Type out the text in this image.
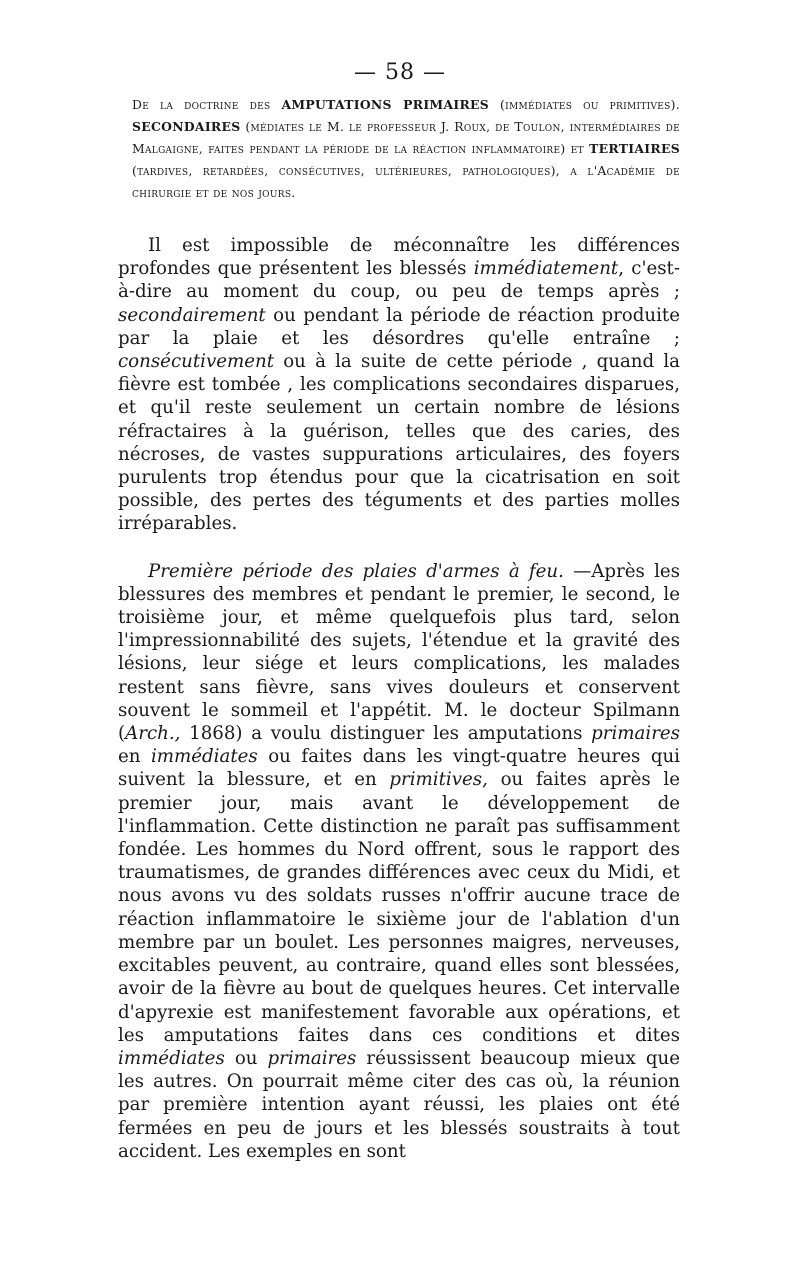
— 58 —
De la doctrine des AMPUTATIONS PRIMAIRES (immédiates ou primitives). SECONDAIRES (médiates le M. le professeur J. Roux, de Toulon, intermédiaires de Malgaigne, faites pendant la période de la réaction inflammatoire) et TERTIAIRES (tardives, retardées, consécutives, ultérieures, pathologiques), a l'Académie de chirurgie et de nos jours.

Il est impossible de méconnaître les différences profondes que présentent les blessés immédiatement, c'est-à-dire au moment du coup, ou peu de temps après ; secondairement ou pendant la période de réaction produite par la plaie et les désordres qu'elle entraîne ; consécutivement ou à la suite de cette période , quand la fièvre est tombée , les complications secondaires disparues, et qu'il reste seulement un certain nombre de lésions réfractaires à la guérison, telles que des caries, des nécroses, de vastes suppurations articulaires, des foyers purulents trop étendus pour que la cicatrisation en soit possible, des pertes des téguments et des parties molles irréparables.

Première période des plaies d'armes à feu. —Après les blessures des membres et pendant le premier, le second, le troisième jour, et même quelquefois plus tard, selon l'impressionnabilité des sujets, l'étendue et la gravité des lésions, leur siége et leurs complications, les malades restent sans fièvre, sans vives douleurs et conservent souvent le sommeil et l'appétit. M. le docteur Spilmann (Arch., 1868) a voulu distinguer les amputations primaires en immédiates ou faites dans les vingt-quatre heures qui suivent la blessure, et en primitives, ou faites après le premier jour, mais avant le développement de l'inflammation. Cette distinction ne paraît pas suffisamment fondée. Les hommes du Nord offrent, sous le rapport des traumatismes, de grandes différences avec ceux du Midi, et nous avons vu des soldats russes n'offrir aucune trace de réaction inflammatoire le sixième jour de l'ablation d'un membre par un boulet. Les personnes maigres, nerveuses, excitables peuvent, au contraire, quand elles sont blessées, avoir de la fièvre au bout de quelques heures. Cet intervalle d'apyrexie est manifestement favorable aux opérations, et les amputations faites dans ces conditions et dites immédiates ou primaires réussissent beaucoup mieux que les autres. On pourrait même citer des cas où, la réunion par première intention ayant réussi, les plaies ont été fermées en peu de jours et les blessés soustraits à tout accident. Les exemples en sont
